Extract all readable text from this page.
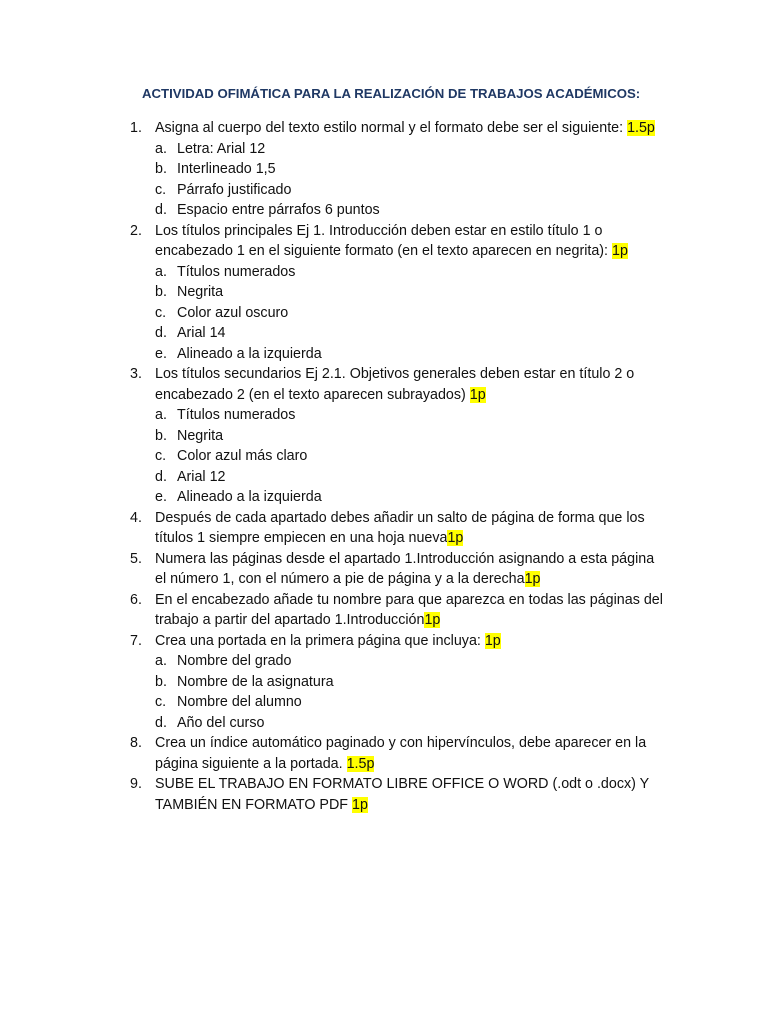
ACTIVIDAD OFIMÁTICA PARA LA REALIZACIÓN DE TRABAJOS ACADÉMICOS:
1. Asigna al cuerpo del texto estilo normal y el formato debe ser el siguiente: 1.5p
a. Letra: Arial 12
b. Interlineado 1,5
c. Párrafo justificado
d. Espacio entre párrafos 6 puntos
2. Los títulos principales Ej 1. Introducción deben estar en estilo título 1 o
encabezado 1 en el siguiente formato (en el texto aparecen en negrita): 1p
a. Títulos numerados
b. Negrita
c. Color azul oscuro
d. Arial 14
e. Alineado a la izquierda
3. Los títulos secundarios Ej 2.1. Objetivos generales deben estar en título 2 o
encabezado 2 (en el texto aparecen subrayados) 1p
a. Títulos numerados
b. Negrita
c. Color azul más claro
d. Arial 12
e. Alineado a la izquierda
4. Después de cada apartado debes añadir un salto de página de forma que los
títulos 1 siempre empiecen en una hoja nueva1p
5. Numera las páginas desde el apartado 1.Introducción asignando a esta página
el número 1, con el número a pie de página y a la derecha1p
6. En el encabezado añade tu nombre para que aparezca en todas las páginas del
trabajo a partir del apartado 1.Introducción1p
7. Crea una portada en la primera página que incluya: 1p
a. Nombre del grado
b. Nombre de la asignatura
c. Nombre del alumno
d. Año del curso
8. Crea un índice automático paginado y con hipervínculos, debe aparecer en la
página siguiente a la portada. 1.5p
9. SUBE EL TRABAJO EN FORMATO LIBRE OFFICE O WORD (.odt o .docx) Y
TAMBIÉN EN FORMATO PDF 1p
